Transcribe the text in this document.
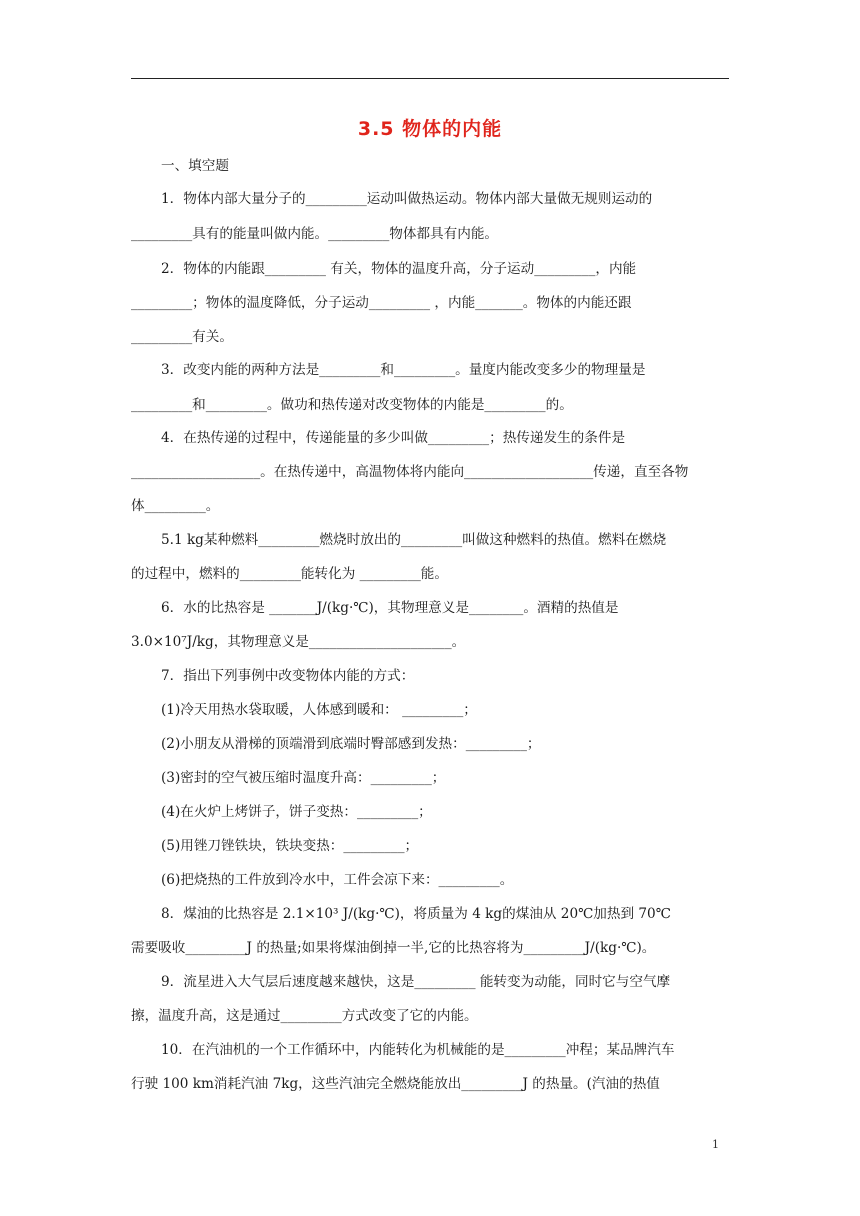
3.5 物体的内能
一、填空题
1．物体内部大量分子的_________运动叫做热运动。物体内部大量做无规则运动的
_________具有的能量叫做内能。_________物体都具有内能。
2．物体的内能跟_________ 有关，物体的温度升高，分子运动_________，内能
_________；物体的温度降低，分子运动_________ ，内能_______。物体的内能还跟
_________有关。
3．改变内能的两种方法是_________和_________。量度内能改变多少的物理量是
_________和_________。做功和热传递对改变物体的内能是_________的。
4．在热传递的过程中，传递能量的多少叫做_________；热传递发生的条件是
___________________。在热传递中，高温物体将内能向___________________传递，直至各物
体_________。
5.1 kg某种燃料_________燃烧时放出的_________叫做这种燃料的热值。燃料在燃烧
的过程中，燃料的_________能转化为 _________能。
6．水的比热容是 _______J/(kg·℃)，其物理意义是________。酒精的热值是
3.0×10⁷J/kg，其物理意义是_____________________。
7．指出下列事例中改变物体内能的方式：
(1)冷天用热水袋取暖，人体感到暖和： _________；
(2)小朋友从滑梯的顶端滑到底端时臀部感到发热：_________；
(3)密封的空气被压缩时温度升高：_________；
(4)在火炉上烤饼子，饼子变热：_________；
(5)用锉刀锉铁块，铁块变热：_________；
(6)把烧热的工件放到冷水中，工件会凉下来：_________。
8．煤油的比热容是 2.1×10³ J/(kg·℃)，将质量为 4 kg的煤油从 20℃加热到 70℃
需要吸收_________J 的热量;如果将煤油倒掉一半,它的比热容将为_________J/(kg·℃)。
9．流星进入大气层后速度越来越快，这是_________ 能转变为动能，同时它与空气摩
擦，温度升高，这是通过_________方式改变了它的内能。
10．在汽油机的一个工作循环中，内能转化为机械能的是_________冲程；某品牌汽车
行驶 100 km消耗汽油 7kg，这些汽油完全燃烧能放出_________J 的热量。(汽油的热值
1
